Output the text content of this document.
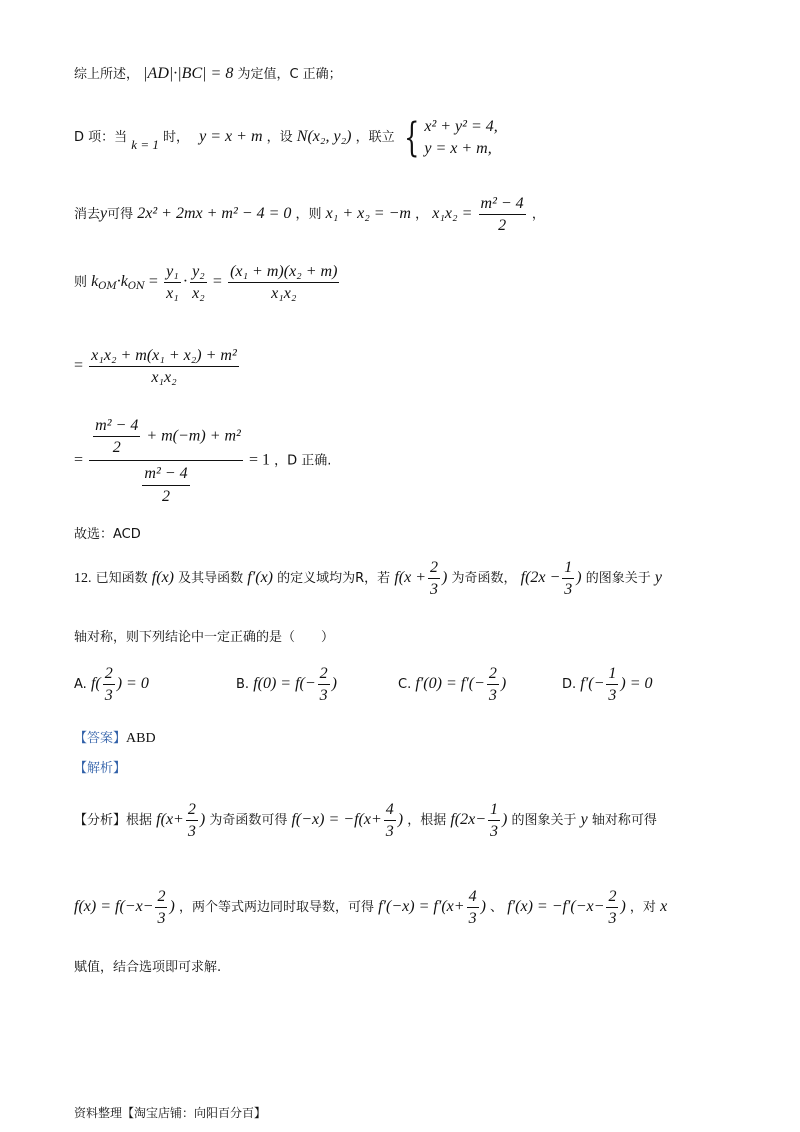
综上所述， |AD|·|BC| = 8 为定值，C 正确；
D 项：当 k = 1 时， y = x + m ，设 N(x₂, y₂) ，联立 { x² + y² = 4,
y = x + m,
消去y可得 2x² + 2mx + m² − 4 = 0 ，则 x₁ + x₂ = −m ， $x_1x_2 = \frac{\text{m² − 4}}{2}$ ，
则 $k_{OM}\cdot k_{ON} = \frac{\text{y₁}}{\text{x₁}} \cdot \frac{\text{y₂}}{\text{x₂}} = \frac{\text{(x₁ + m)(x₂ + m)}}{\text{x₁x₂}}$
= $\frac{\text{x₁x₂ + m(x₁ + x₂) + m²}}{\text{x₁x₂}}$
= $\frac{\frac{\text{m² − 4}}{2} + m(-m) + m^2}{\frac{\text{m² − 4}}{2}} = 1$ ，D 正确.
故选：ACD
12. 已知函数 f(x) 及其导函数 f′(x) 的定义域均为R，若 $f(x + \frac{2}{3}$ ) 为奇函数， $f(2x - \frac{1}{3}$ ) 的图象关于 y
轴对称，则下列结论中一定正确的是（　　）
A. $f( \frac{2}{3}$ ) = 0	B. $f(0) = f(- \frac{2}{3}$ )	C. $f'(0) = f'(- \frac{2}{3}$ )	D. $f'(- \frac{1}{3}$ ) = 0
【答案】ABD
【解析】
【分析】根据 $f(x+ \frac{2}{3}$ ) 为奇函数可得 $f(-x) = -f(x+ \frac{4}{3}$ ) ，根据 $f(2x- \frac{1}{3}$ ) 的图象关于 y 轴对称可得
$f(x) = f(-x- \frac{2}{3}$ ) ，两个等式两边同时取导数，可得 $f'(-x) = f'(x+ \frac{4}{3}$ ) 、 $f'(x) = -f'(-x- \frac{2}{3}$ ) ，对 x
赋值，结合选项即可求解.
资料整理【淘宝店铺：向阳百分百】
